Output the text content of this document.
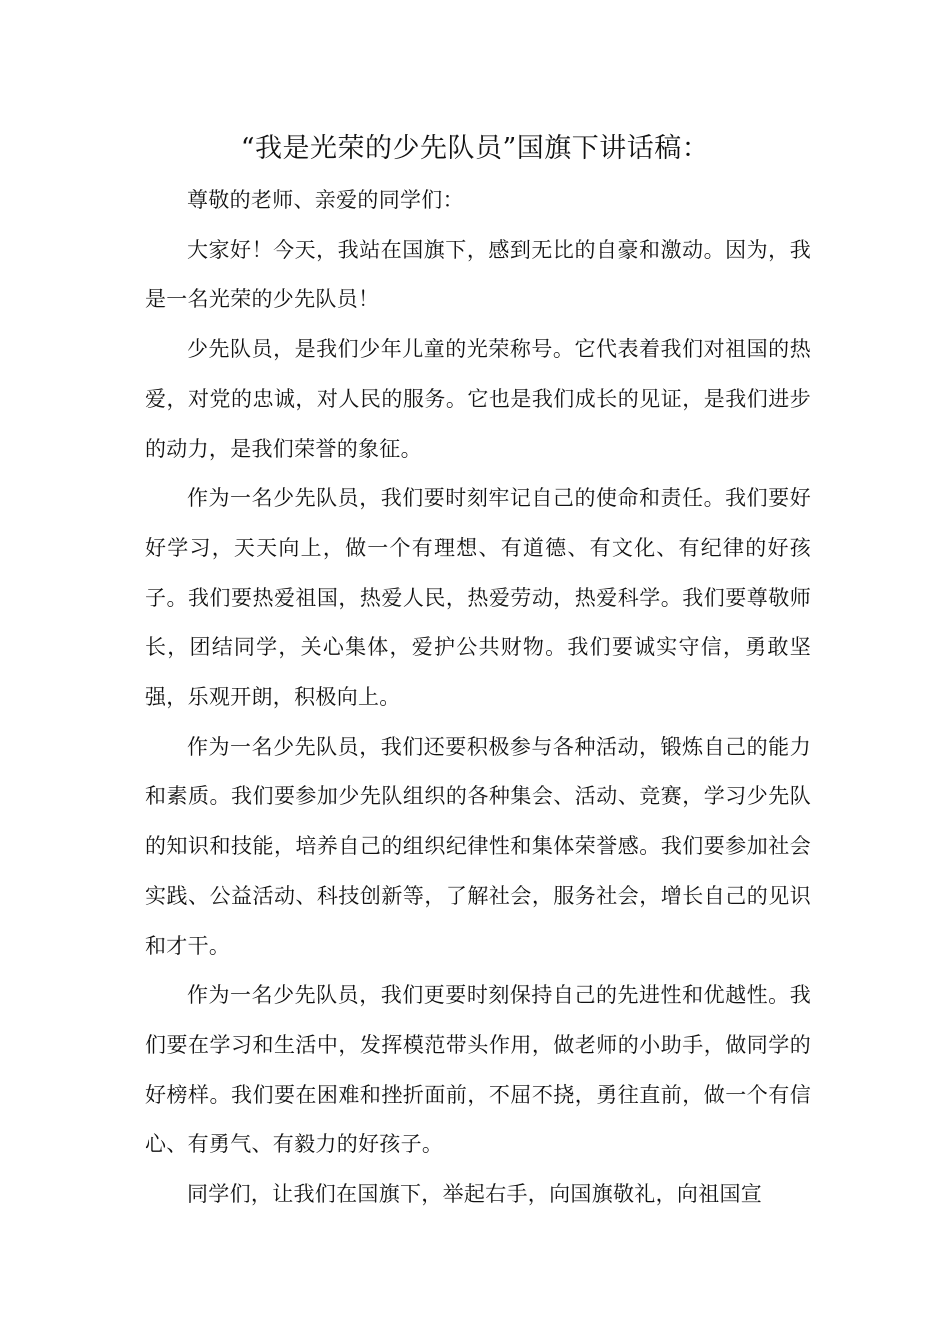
“我是光荣的少先队员”国旗下讲话稿：

尊敬的老师、亲爱的同学们：

大家好！今天，我站在国旗下，感到无比的自豪和激动。因为，我是一名光荣的少先队员！

少先队员，是我们少年儿童的光荣称号。它代表着我们对祖国的热爱，对党的忠诚，对人民的服务。它也是我们成长的见证，是我们进步的动力，是我们荣誉的象征。

作为一名少先队员，我们要时刻牢记自己的使命和责任。我们要好好学习，天天向上，做一个有理想、有道德、有文化、有纪律的好孩子。我们要热爱祖国，热爱人民，热爱劳动，热爱科学。我们要尊敬师长，团结同学，关心集体，爱护公共财物。我们要诚实守信，勇敢坚强，乐观开朗，积极向上。

作为一名少先队员，我们还要积极参与各种活动，锻炼自己的能力和素质。我们要参加少先队组织的各种集会、活动、竞赛，学习少先队的知识和技能，培养自己的组织纪律性和集体荣誉感。我们要参加社会实践、公益活动、科技创新等，了解社会，服务社会，增长自己的见识和才干。

作为一名少先队员，我们更要时刻保持自己的先进性和优越性。我们要在学习和生活中，发挥模范带头作用，做老师的小助手，做同学的好榜样。我们要在困难和挫折面前，不屈不挠，勇往直前，做一个有信心、有勇气、有毅力的好孩子。

同学们，让我们在国旗下，举起右手，向国旗敬礼，向祖国宣
